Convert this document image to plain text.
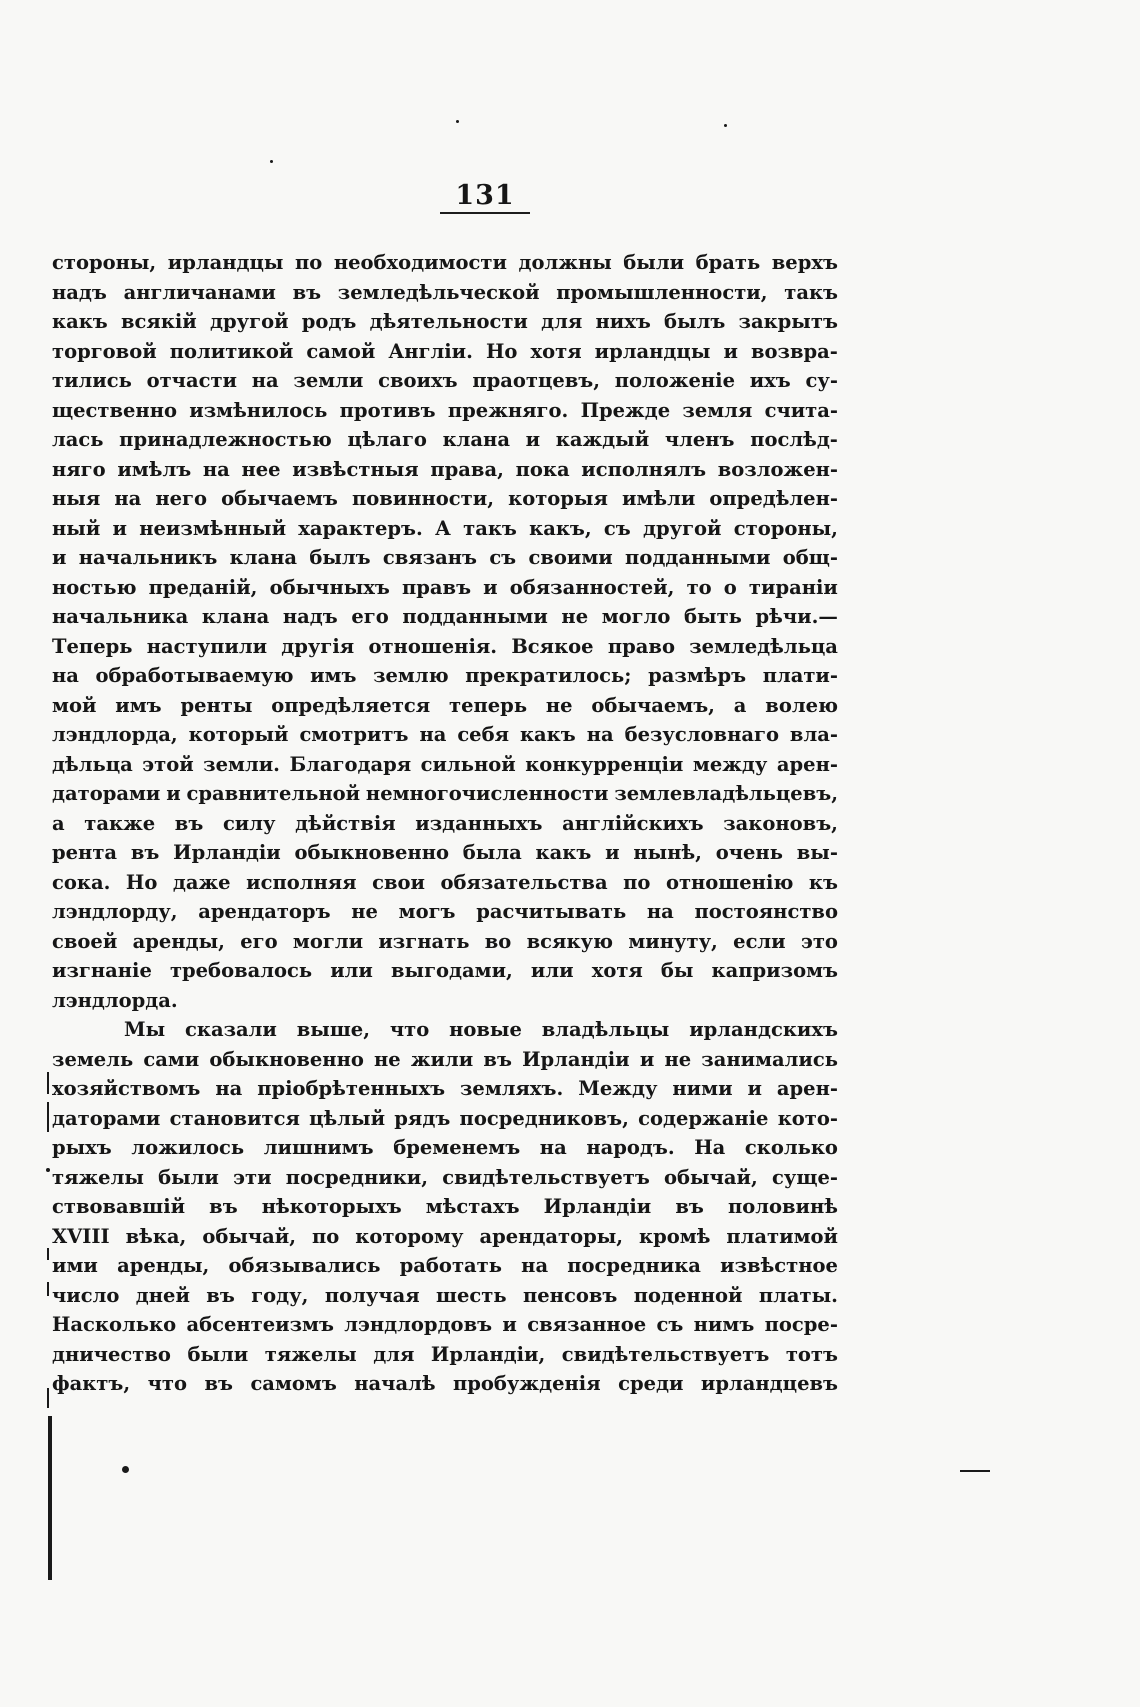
131
стороны, ирландцы по необходимости должны были брать верхъ
надъ англичанами въ земледѣльческой промышленности, такъ
какъ всякій другой родъ дѣятельности для нихъ былъ закрытъ
торговой политикой самой Англіи. Но хотя ирландцы и возвра-
тились отчасти на земли своихъ праотцевъ, положеніе ихъ су-
щественно измѣнилось противъ прежняго. Прежде земля счита-
лась принадлежностью цѣлаго клана и каждый членъ послѣд-
няго имѣлъ на нее извѣстныя права, пока исполнялъ возложен-
ныя на него обычаемъ повинности, которыя имѣли опредѣлен-
ный и неизмѣнный характеръ. А такъ какъ, съ другой стороны,
и начальникъ клана былъ связанъ съ своими подданными общ-
ностью преданій, обычныхъ правъ и обязанностей, то о тираніи
начальника клана надъ его подданными не могло быть рѣчи.—
Теперь наступили другія отношенія. Всякое право земледѣльца
на обработываемую имъ землю прекратилось; размѣръ плати-
мой имъ ренты опредѣляется теперь не обычаемъ, а волею
лэндлорда, который смотритъ на себя какъ на безусловнаго вла-
дѣльца этой земли. Благодаря сильной конкурренціи между арен-
даторами и сравнительной немногочисленности землевладѣльцевъ,
а также въ силу дѣйствія изданныхъ англійскихъ законовъ,
рента въ Ирландіи обыкновенно была какъ и нынѣ, очень вы-
сока. Но даже исполняя свои обязательства по отношенію къ
лэндлорду, арендаторъ не могъ расчитывать на постоянство
своей аренды, его могли изгнать во всякую минуту, если это
изгнаніе требовалось или выгодами, или хотя бы капризомъ
лэндлорда.
Мы сказали выше, что новые владѣльцы ирландскихъ
земель сами обыкновенно не жили въ Ирландіи и не занимались
хозяйствомъ на пріобрѣтенныхъ земляхъ. Между ними и арен-
даторами становится цѣлый рядъ посредниковъ, содержаніе кото-
рыхъ ложилось лишнимъ бременемъ на народъ. На сколько
тяжелы были эти посредники, свидѣтельствуетъ обычай, суще-
ствовавшій въ нѣкоторыхъ мѣстахъ Ирландіи въ половинѣ
XVIII вѣка, обычай, по которому арендаторы, кромѣ платимой
ими аренды, обязывались работать на посредника извѣстное
число дней въ году, получая шесть пенсовъ поденной платы.
Насколько абсентеизмъ лэндлордовъ и связанное съ нимъ посре-
дничество были тяжелы для Ирландіи, свидѣтельствуетъ тотъ
фактъ, что въ самомъ началѣ пробужденія среди ирландцевъ
